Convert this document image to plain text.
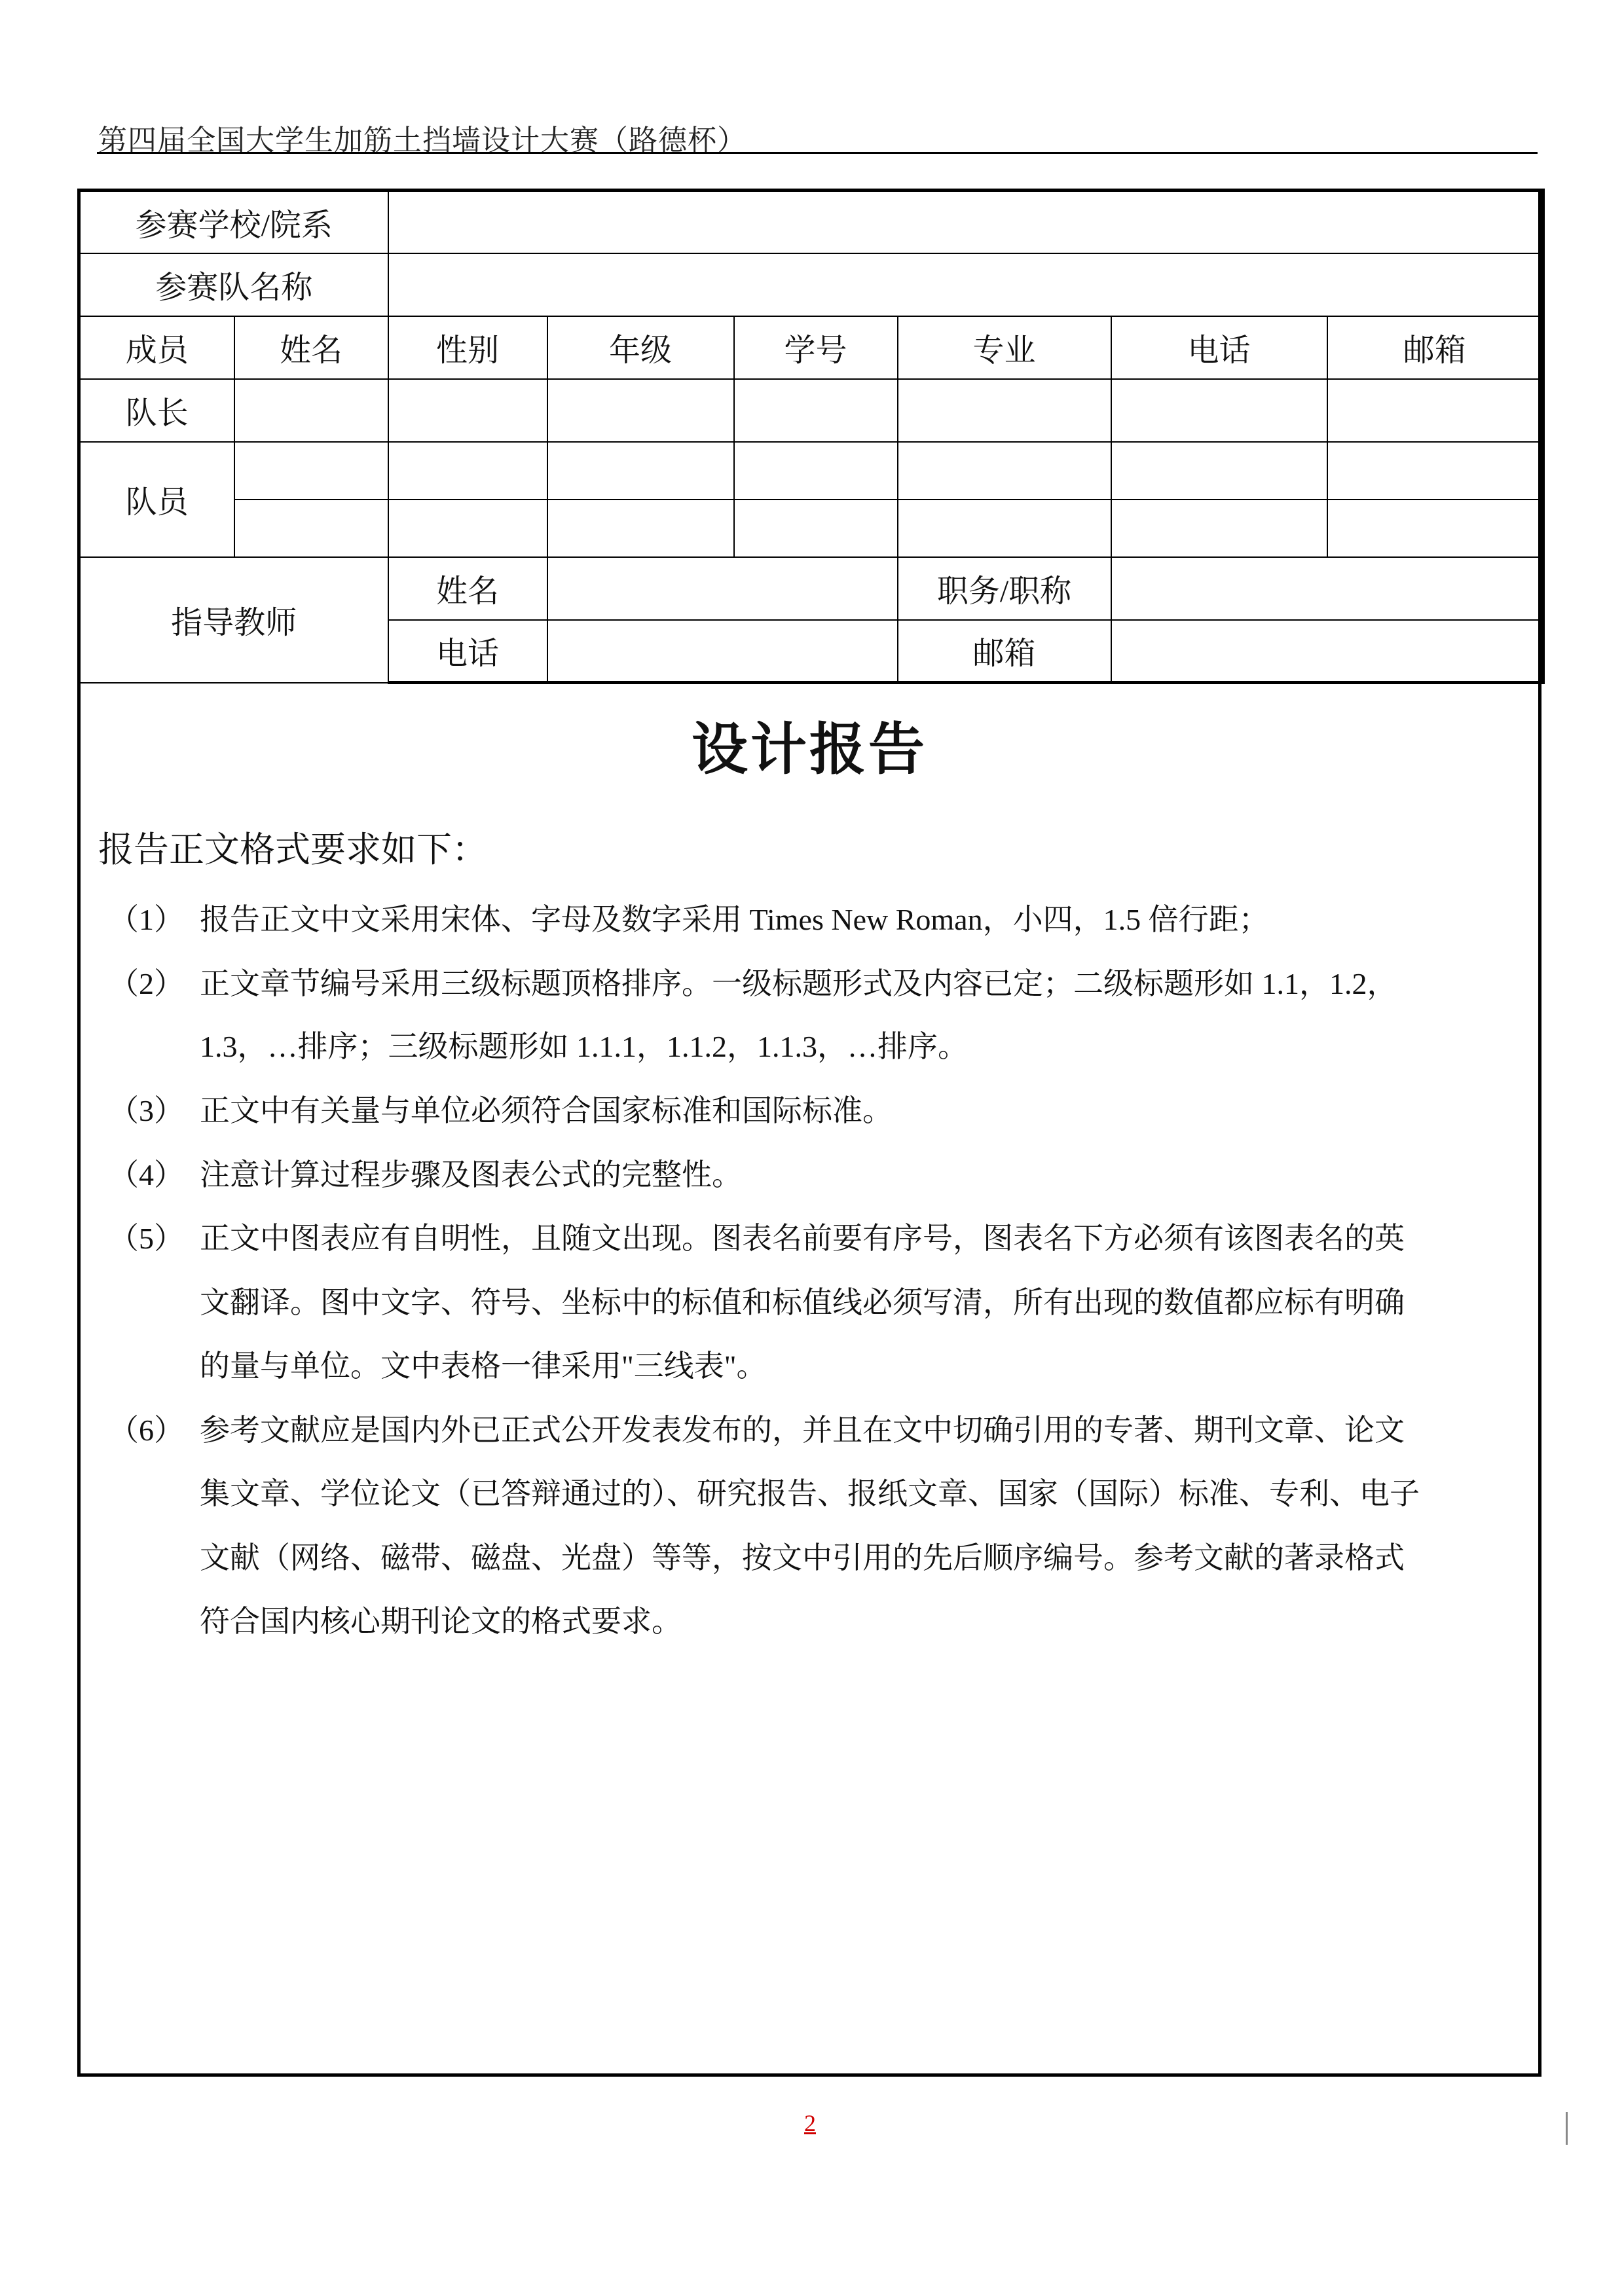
第四届全国大学生加筋土挡墙设计大赛（路德杯）
参赛学校/院系							
参赛队名称							
成员	姓名	性别	年级	学号	专业	电话	邮箱
队长							
队员							

指导教师		姓名			职务/职称		
		电话			邮箱		
设计报告
报告正文格式要求如下：
（1） 报告正文中文采用宋体、字母及数字采用 Times New Roman，小四，1.5 倍行距；
（2） 正文章节编号采用三级标题顶格排序。一级标题形式及内容已定；二级标题形如 1.1，1.2，
1.3，…排序；三级标题形如 1.1.1，1.1.2，1.1.3，…排序。
（3） 正文中有关量与单位必须符合国家标准和国际标准。
（4） 注意计算过程步骤及图表公式的完整性。
（5） 正文中图表应有自明性，且随文出现。图表名前要有序号，图表名下方必须有该图表名的英
文翻译。图中文字、符号、坐标中的标值和标值线必须写清，所有出现的数值都应标有明确
的量与单位。文中表格一律采用"三线表"。
（6） 参考文献应是国内外已正式公开发表发布的，并且在文中切确引用的专著、期刊文章、论文
集文章、学位论文（已答辩通过的）、研究报告、报纸文章、国家（国际）标准、专利、电子
文献（网络、磁带、磁盘、光盘）等等，按文中引用的先后顺序编号。参考文献的著录格式
符合国内核心期刊论文的格式要求。
2
